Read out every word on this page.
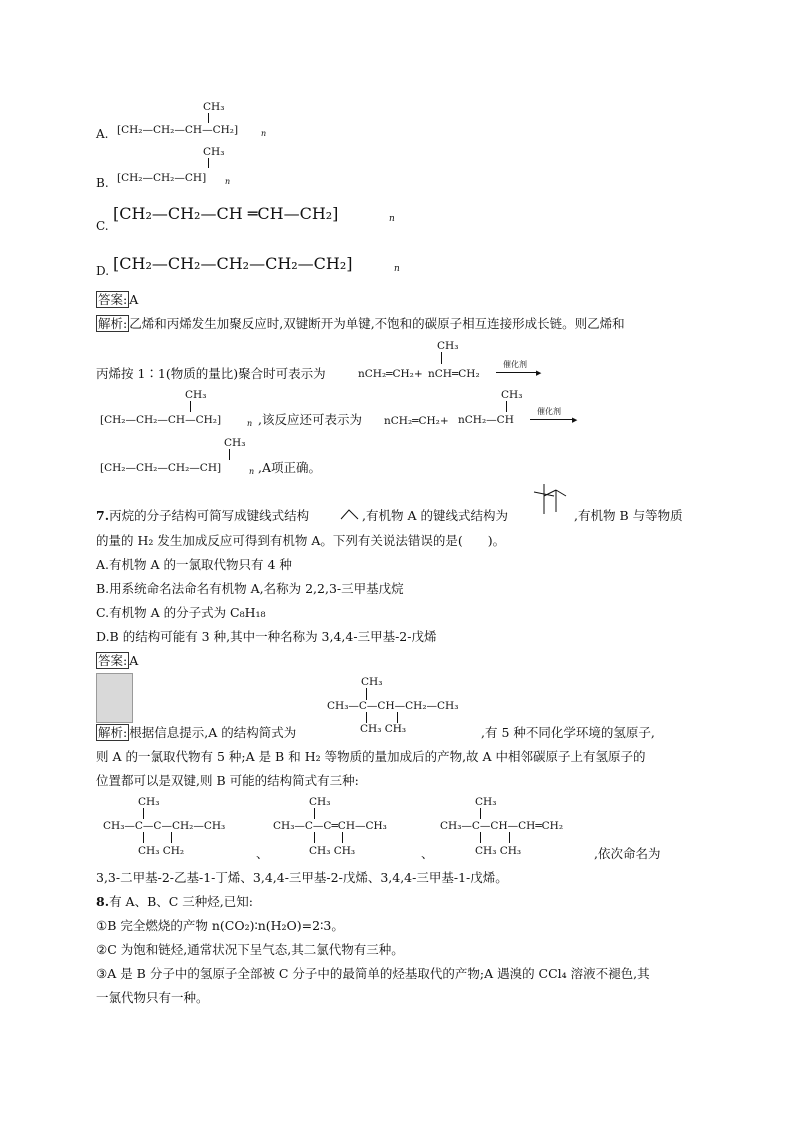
CH₃
A. [CH₂—CH₂—CH—CH₂]	n
CH₃
B. [CH₂—CH₂—CH] n
C.
[CH₂—CH₂—CH ═CH—CH₂]	n
D. [CH₂—CH₂—CH₂—CH₂—CH₂]	n
答案: A
解析: 乙烯和丙烯发生加聚反应时,双键断开为单键,不饱和的碳原子相互连接形成长链。则乙烯和
丙烯按 1∶1(物质的量比)聚合时可表示为	nCH₂═CH₂+
CH₃
nCH═CH₂
催化剂
▶
CH₃
[CH₂—CH₂—CH—CH₂]	n ,该反应还可表示为 nCH₂═CH₂+
CH₃
nCH₂—CH
催化剂
▶
CH₃
[CH₂—CH₂—CH₂—CH]	n ,A项正确。
7.丙烷的分子结构可简写成键线式结构	,有机物 A 的键线式结构为	,有机物 B 与等物质
的量的 H₂ 发生加成反应可得到有机物 A。下列有关说法错误的是(　　)。
A.有机物 A 的一氯取代物只有 4 种
B.用系统命名法命名有机物 A,名称为 2,2,3-三甲基戊烷
C.有机物 A 的分子式为 C₈H₁₈
D.B 的结构可能有 3 种,其中一种名称为 3,4,4-三甲基-2-戊烯
答案: A
CH₃
CH₃—C—CH—CH₂—CH₃
CH₃ CH₃
解析: 根据信息提示,A 的结构简式为	,有 5 种不同化学环境的氢原子,
则 A 的一氯取代物有 5 种;A 是 B 和 H₂ 等物质的量加成后的产物,故 A 中相邻碳原子上有氢原子的
位置都可以是双键,则 B 可能的结构简式有三种:
CH₃
CH₃—C—C—CH₂—CH₃
CH₃ CH₂	、
CH₃
CH₃—C—C═CH—CH₃
CH₃ CH₃	、
CH₃
CH₃—C—CH—CH═CH₂
CH₃ CH₃	,依次命名为
3,3-二甲基-2-乙基-1-丁烯、3,4,4-三甲基-2-戊烯、3,4,4-三甲基-1-戊烯。
8.有 A、B、C 三种烃,已知:
①B 完全燃烧的产物 n(CO₂)∶n(H₂O)=2∶3。
②C 为饱和链烃,通常状况下呈气态,其二氯代物有三种。
③A 是 B 分子中的氢原子全部被 C 分子中的最简单的烃基取代的产物;A 遇溴的 CCl₄ 溶液不褪色,其
一氯代物只有一种。
